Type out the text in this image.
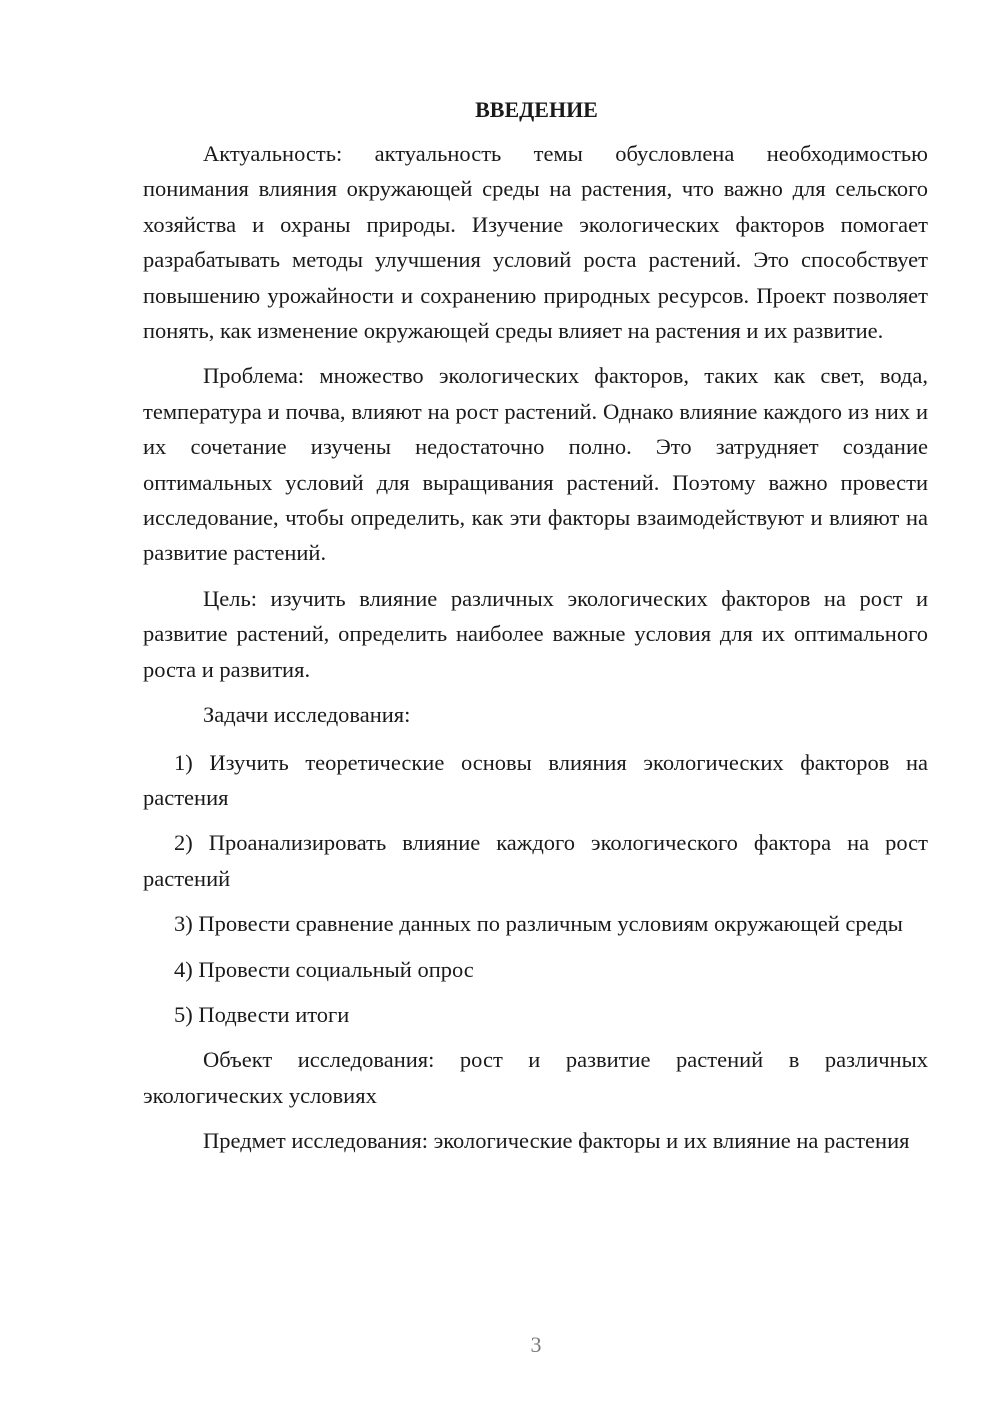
ВВЕДЕНИЕ

Актуальность: актуальность темы обусловлена необходимостью понимания влияния окружающей среды на растения, что важно для сельского хозяйства и охраны природы. Изучение экологических факторов помогает разрабатывать методы улучшения условий роста растений. Это способствует повышению урожайности и сохранению природных ресурсов. Проект позволяет понять, как изменение окружающей среды влияет на растения и их развитие.

Проблема: множество экологических факторов, таких как свет, вода, температура и почва, влияют на рост растений. Однако влияние каждого из них и их сочетание изучены недостаточно полно. Это затрудняет создание оптимальных условий для выращивания растений. Поэтому важно провести исследование, чтобы определить, как эти факторы взаимодействуют и влияют на развитие растений.

Цель: изучить влияние различных экологических факторов на рост и развитие растений, определить наиболее важные условия для их оптимального роста и развития.

Задачи исследования:

1) Изучить теоретические основы влияния экологических факторов на растения

2) Проанализировать влияние каждого экологического фактора на рост растений

3) Провести сравнение данных по различным условиям окружающей среды

4) Провести социальный опрос

5) Подвести итоги

Объект исследования: рост и развитие растений в различных экологических условиях

Предмет исследования: экологические факторы и их влияние на растения

3
